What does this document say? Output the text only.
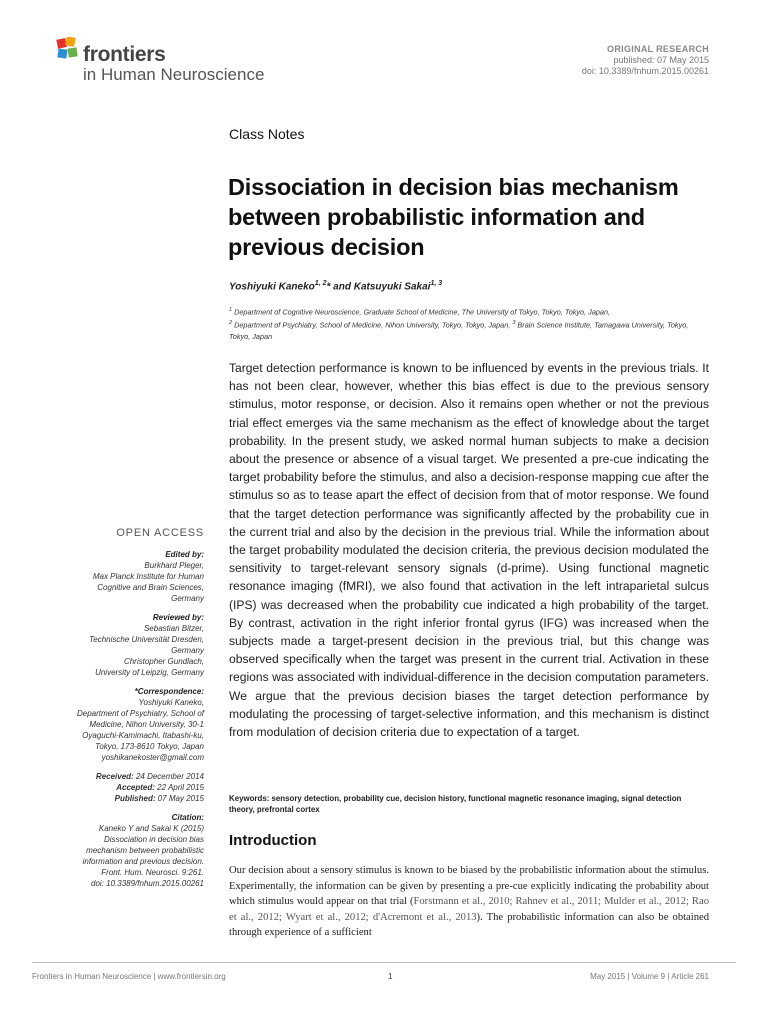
frontiers
in Human Neuroscience
ORIGINAL RESEARCH
published: 07 May 2015
doi: 10.3389/fnhum.2015.00261
Class Notes
Dissociation in decision bias mechanism between probabilistic information and previous decision
Yoshiyuki Kaneko$^{1, 2}$* and Katsuyuki Sakai$^{1, 3}$

$^1$ Department of Cognitive Neuroscience, Graduate School of Medicine, The University of Tokyo, Tokyo, Tokyo, Japan,

$^2$ Department of Psychiatry, School of Medicine, Nihon University, Tokyo, Tokyo, Japan, $^3$ Brain Science Institute, Tamagawa University, Tokyo, Tokyo, Japan

Target detection performance is known to be influenced by events in the previous trials. It has not been clear, however, whether this bias effect is due to the previous sensory stimulus, motor response, or decision. Also it remains open whether or not the previous trial effect emerges via the same mechanism as the effect of knowledge about the target probability. In the present study, we asked normal human subjects to make a decision about the presence or absence of a visual target. We presented a pre-cue indicating the target probability before the stimulus, and also a decision-response mapping cue after the stimulus so as to tease apart the effect of decision from that of motor response. We found that the target detection performance was significantly affected by the probability cue in the current trial and also by the decision in the previous trial. While the information about the target probability modulated the decision criteria, the previous decision modulated the sensitivity to target-relevant sensory signals (d-prime). Using functional magnetic resonance imaging (fMRI), we also found that activation in the left intraparietal sulcus (IPS) was decreased when the probability cue indicated a high probability of the target. By contrast, activation in the right inferior frontal gyrus (IFG) was increased when the subjects made a target-present decision in the previous trial, but this change was observed specifically when the target was present in the current trial. Activation in these regions was associated with individual-difference in the decision computation parameters. We argue that the previous decision biases the target detection performance by modulating the processing of target-selective information, and this mechanism is distinct from modulation of decision criteria due to expectation of a target.
Keywords: sensory detection, probability cue, decision history, functional magnetic resonance imaging, signal detection theory, prefrontal cortex
Introduction
Our decision about a sensory stimulus is known to be biased by the probabilistic information about the stimulus. Experimentally, the information can be given by presenting a pre-cue explicitly indicating the probability about which stimulus would appear on that trial (Forstmann et al., 2010; Rahnev et al., 2011; Mulder et al., 2012; Rao et al., 2012; Wyart et al., 2012; d'Acremont et al., 2013). The probabilistic information can also be obtained through experience of a sufficient
OPEN ACCESS

Edited by:

Burkhard Pleger,

Max Planck Institute for Human

Cognitive and Brain Sciences,

Germany

Reviewed by:

Sebastian Bitzer,

Technische Universität Dresden,

Germany

Christopher Gundlach,

University of Leipzig, Germany

*Correspondence:

Yoshiyuki Kaneko,

Department of Psychiatry, School of

Medicine, Nihon University, 30-1

Oyaguchi-Kamimachi, Itabashi-ku,

Tokyo, 173-8610 Tokyo, Japan

yoshikanekoster@gmail.com

Received: 24 December 2014

Accepted: 22 April 2015

Published: 07 May 2015

Citation:

Kaneko Y and Sakai K (2015)

Dissociation in decision bias

mechanism between probabilistic

information and previous decision.

Front. Hum. Neurosci. 9:261.

doi: 10.3389/fnhum.2015.00261

Frontiers in Human Neuroscience | www.frontiersin.org	1	May 2015 | Volume 9 | Article 261
